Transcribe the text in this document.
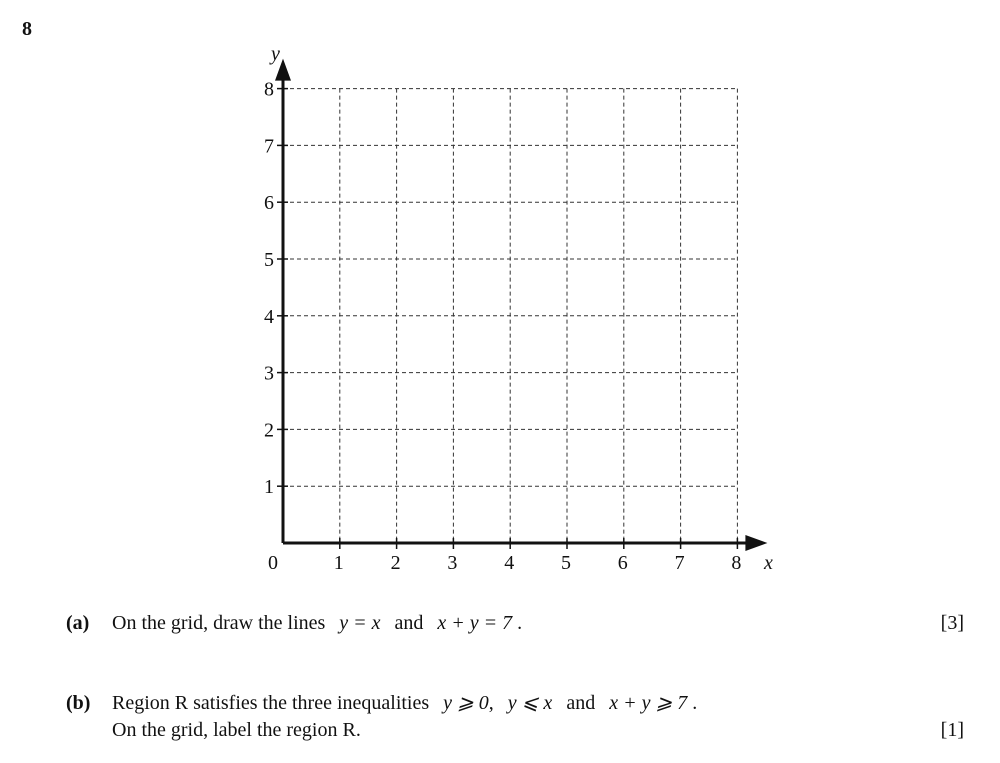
8
0	1 2 3 4 5 6 7 8
1
2
3
4
5
6
7
8
x
y
(a) On the grid, draw the lines y = x and x + y = 7 .	[3]
(b) Region R satisfies the three inequalities y ⩾ 0, y ⩽ x and x + y ⩾ 7 .
On the grid, label the region R.	[1]
